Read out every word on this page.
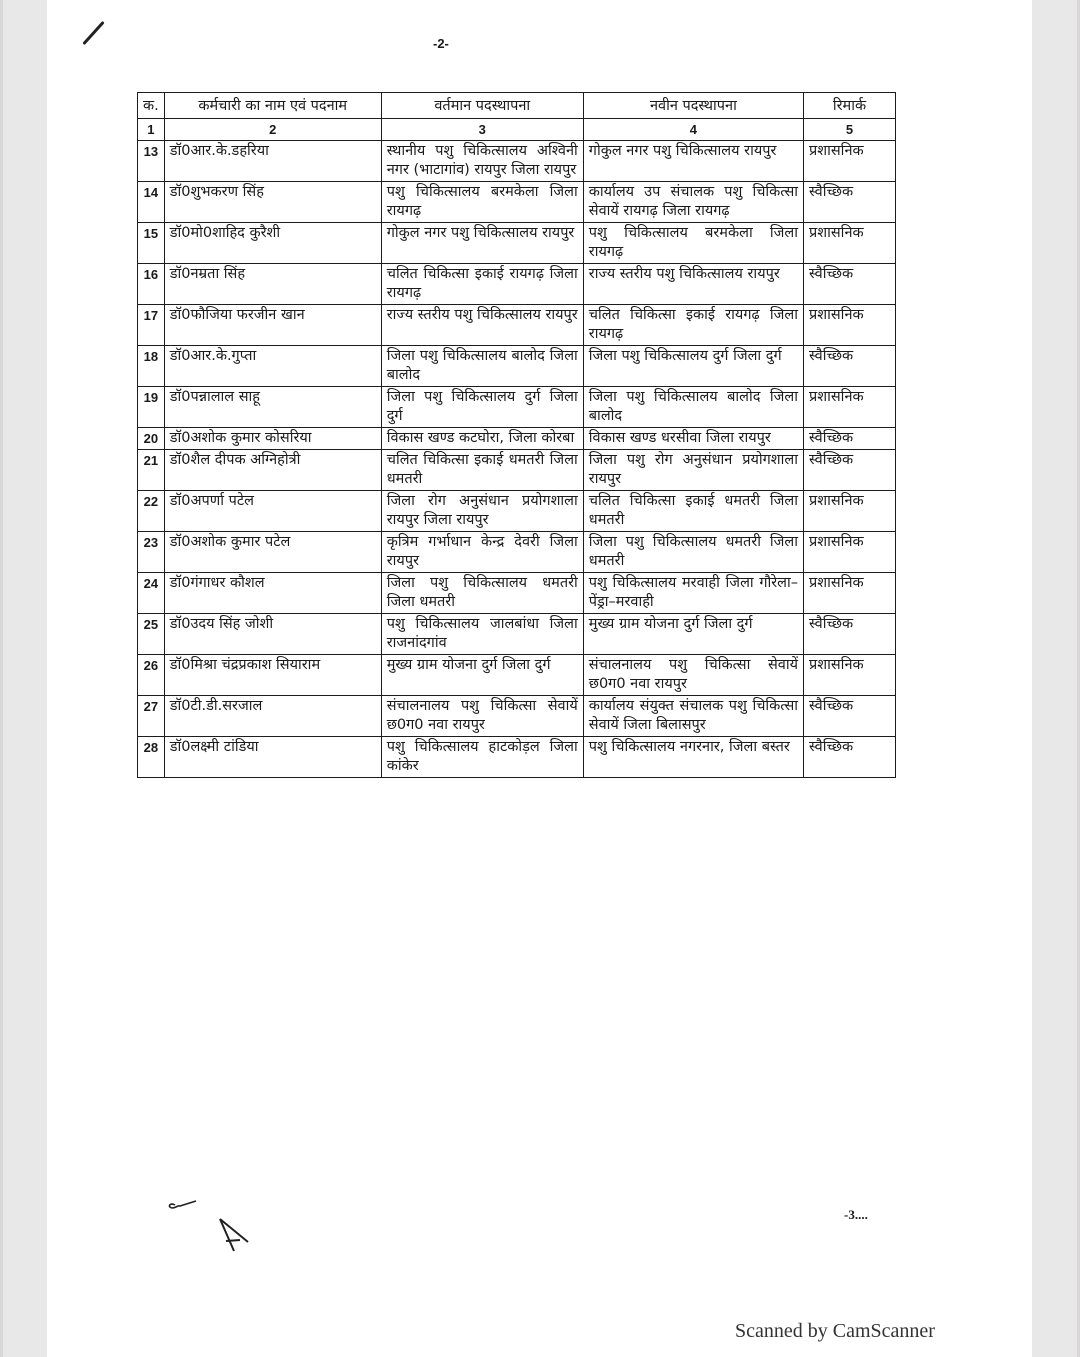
-2-
क.	कर्मचारी का नाम एवं पदनाम	वर्तमान पदस्थापना	नवीन पदस्थापना	रिमार्क
1	2	3	4	5
13	डॉ0आर.के.डहरिया	स्थानीय पशु चिकित्सालय अश्विनी नगर (भाटागांव) रायपुर जिला रायपुर	गोकुल नगर पशु चिकित्सालय रायपुर	प्रशासनिक
14	डॉ0शुभकरण सिंह	पशु चिकित्सालय बरमकेला जिला रायगढ़	कार्यालय उप संचालक पशु चिकित्सा सेवायें रायगढ़ जिला रायगढ़	स्वैच्छिक
15	डॉ0मो0शाहिद कुरैशी	गोकुल नगर पशु चिकित्सालय रायपुर	पशु चिकित्सालय बरमकेला जिला रायगढ़	प्रशासनिक
16	डॉ0नम्रता सिंह	चलित चिकित्सा इकाई रायगढ़ जिला रायगढ़	राज्य स्तरीय पशु चिकित्सालय रायपुर	स्वैच्छिक
17	डॉ0फौजिया फरजीन खान	राज्य स्तरीय पशु चिकित्सालय रायपुर	चलित चिकित्सा इकाई रायगढ़ जिला रायगढ़	प्रशासनिक
18	डॉ0आर.के.गुप्ता	जिला पशु चिकित्सालय बालोद जिला बालोद	जिला पशु चिकित्सालय दुर्ग जिला दुर्ग	स्वैच्छिक
19	डॉ0पन्नालाल साहू	जिला पशु चिकित्सालय दुर्ग जिला दुर्ग	जिला पशु चिकित्सालय बालोद जिला बालोद	प्रशासनिक
20	डॉ0अशोक कुमार कोसरिया	विकास खण्ड कटघोरा, जिला कोरबा	विकास खण्ड धरसीवा जिला रायपुर	स्वैच्छिक
21	डॉ0शैल दीपक अग्निहोत्री	चलित चिकित्सा इकाई धमतरी जिला धमतरी	जिला पशु रोग अनुसंधान प्रयोगशाला रायपुर	स्वैच्छिक
22	डॉ0अपर्णा पटेल	जिला रोग अनुसंधान प्रयोगशाला रायपुर जिला रायपुर	चलित चिकित्सा इकाई धमतरी जिला धमतरी	प्रशासनिक
23	डॉ0अशोक कुमार पटेल	कृत्रिम गर्भाधान केन्द्र देवरी जिला रायपुर	जिला पशु चिकित्सालय धमतरी जिला धमतरी	प्रशासनिक
24	डॉ0गंगाधर कौशल	जिला पशु चिकित्सालय धमतरी जिला धमतरी	पशु चिकित्सालय मरवाही जिला गौरेला–पेंड्रा–मरवाही	प्रशासनिक
25	डॉ0उदय सिंह जोशी	पशु चिकित्सालय जालबांधा जिला राजनांदगांव	मुख्य ग्राम योजना दुर्ग जिला दुर्ग	स्वैच्छिक
26	डॉ0मिश्रा चंद्रप्रकाश सियाराम	मुख्य ग्राम योजना दुर्ग जिला दुर्ग	संचालनालय पशु चिकित्सा सेवायें छ0ग0 नवा रायपुर	प्रशासनिक
27	डॉ0टी.डी.सरजाल	संचालनालय पशु चिकित्सा सेवायें छ0ग0 नवा रायपुर	कार्यालय संयुक्त संचालक पशु चिकित्सा सेवायें जिला बिलासपुर	स्वैच्छिक
28	डॉ0लक्ष्मी टांडिया	पशु चिकित्सालय हाटकोड़ल जिला कांकेर	पशु चिकित्सालय नगरनार, जिला बस्तर	स्वैच्छिक
-3....
Scanned by CamScanner
